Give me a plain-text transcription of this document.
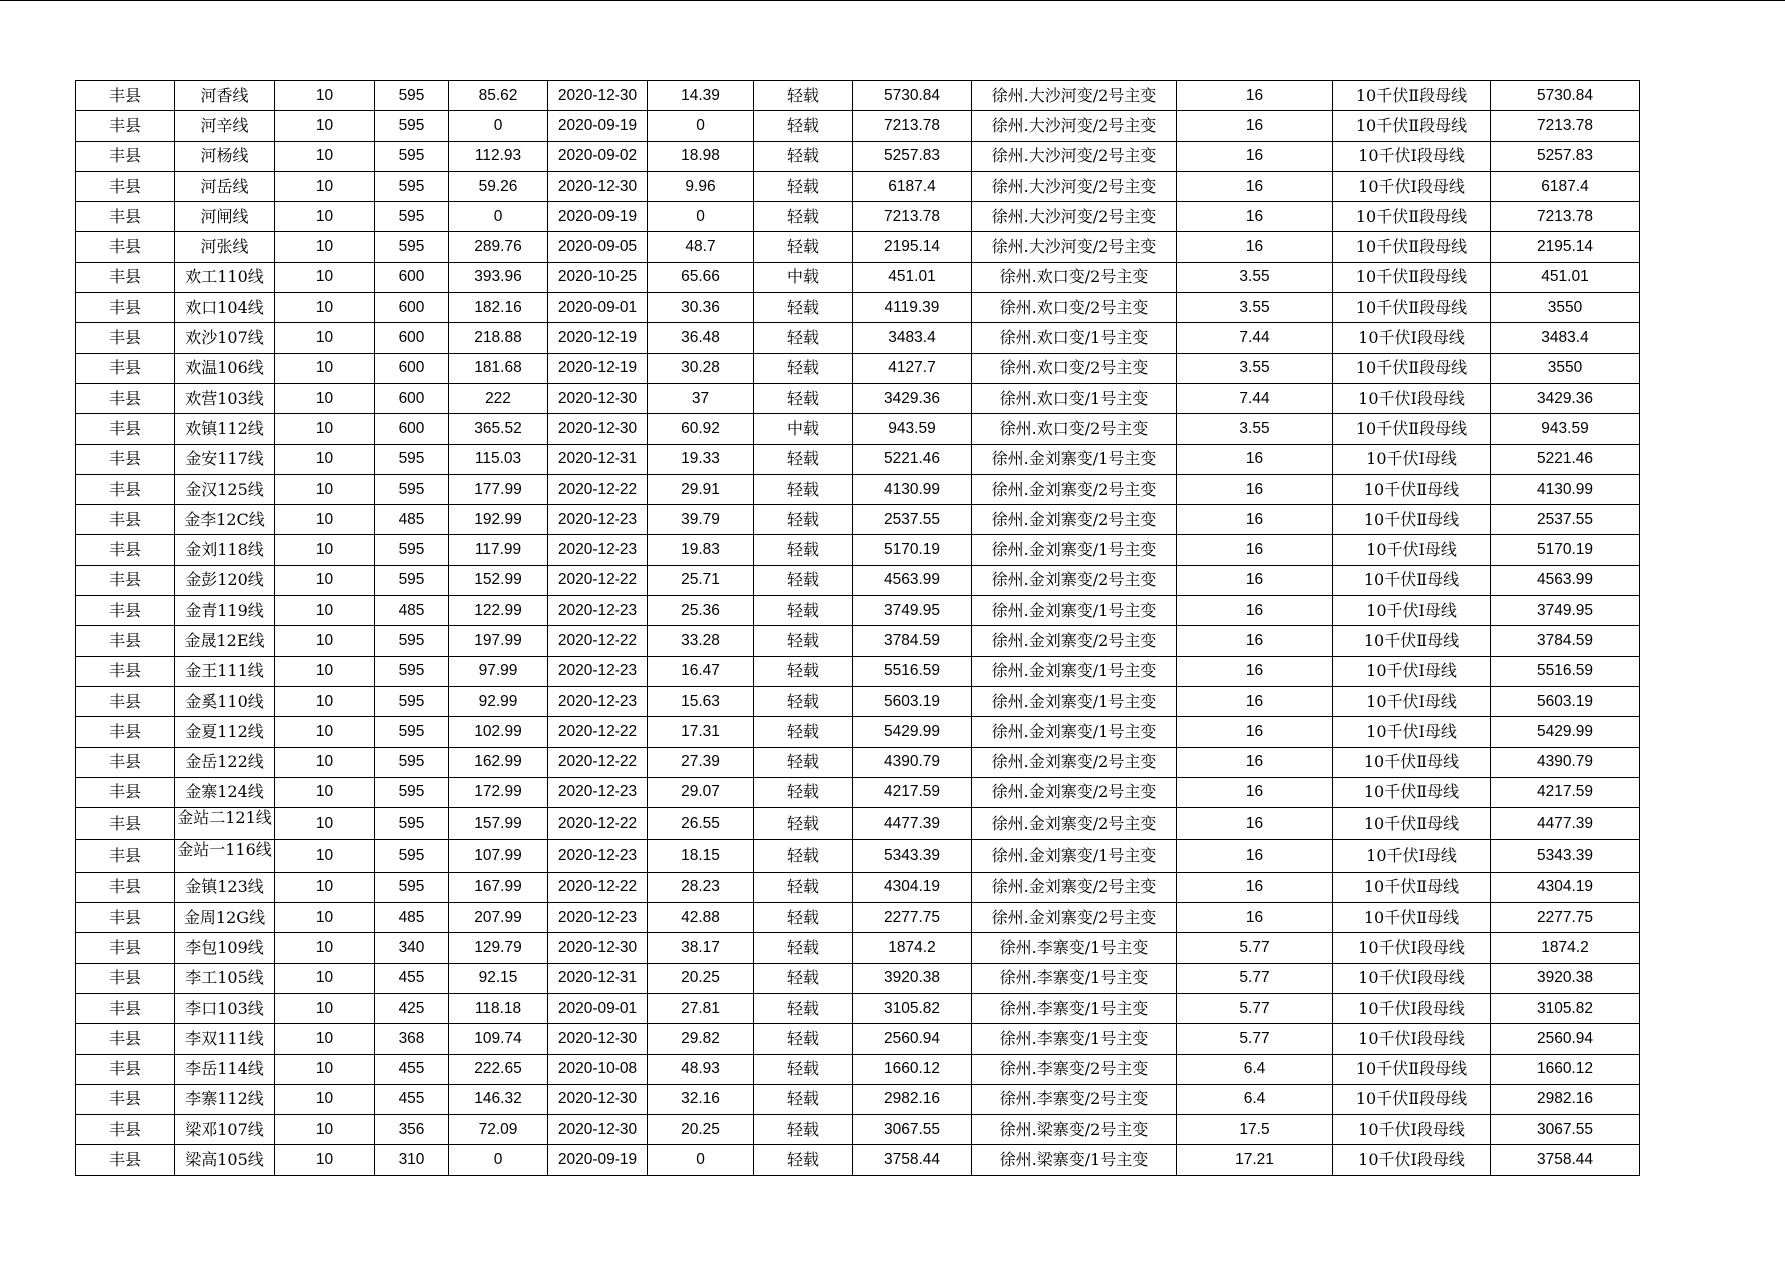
丰县	河香线	10	595	85.62	2020-12-30	14.39	轻载	5730.84	徐州.大沙河变/2号主变	16	10千伏Ⅱ段母线	5730.84
丰县	河辛线	10	595	0	2020-09-19	0	轻载	7213.78	徐州.大沙河变/2号主变	16	10千伏Ⅱ段母线	7213.78
丰县	河杨线	10	595	112.93	2020-09-02	18.98	轻载	5257.83	徐州.大沙河变/2号主变	16	10千伏Ⅰ段母线	5257.83
丰县	河岳线	10	595	59.26	2020-12-30	9.96	轻载	6187.4	徐州.大沙河变/2号主变	16	10千伏Ⅰ段母线	6187.4
丰县	河闸线	10	595	0	2020-09-19	0	轻载	7213.78	徐州.大沙河变/2号主变	16	10千伏Ⅱ段母线	7213.78
丰县	河张线	10	595	289.76	2020-09-05	48.7	轻载	2195.14	徐州.大沙河变/2号主变	16	10千伏Ⅱ段母线	2195.14
丰县	欢工110线	10	600	393.96	2020-10-25	65.66	中载	451.01	徐州.欢口变/2号主变	3.55	10千伏Ⅱ段母线	451.01
丰县	欢口104线	10	600	182.16	2020-09-01	30.36	轻载	4119.39	徐州.欢口变/2号主变	3.55	10千伏Ⅱ段母线	3550
丰县	欢沙107线	10	600	218.88	2020-12-19	36.48	轻载	3483.4	徐州.欢口变/1号主变	7.44	10千伏Ⅰ段母线	3483.4
丰县	欢温106线	10	600	181.68	2020-12-19	30.28	轻载	4127.7	徐州.欢口变/2号主变	3.55	10千伏Ⅱ段母线	3550
丰县	欢营103线	10	600	222	2020-12-30	37	轻载	3429.36	徐州.欢口变/1号主变	7.44	10千伏Ⅰ段母线	3429.36
丰县	欢镇112线	10	600	365.52	2020-12-30	60.92	中载	943.59	徐州.欢口变/2号主变	3.55	10千伏Ⅱ段母线	943.59
丰县	金安117线	10	595	115.03	2020-12-31	19.33	轻载	5221.46	徐州.金刘寨变/1号主变	16	10千伏Ⅰ母线	5221.46
丰县	金汉125线	10	595	177.99	2020-12-22	29.91	轻载	4130.99	徐州.金刘寨变/2号主变	16	10千伏Ⅱ母线	4130.99
丰县	金李12C线	10	485	192.99	2020-12-23	39.79	轻载	2537.55	徐州.金刘寨变/2号主变	16	10千伏Ⅱ母线	2537.55
丰县	金刘118线	10	595	117.99	2020-12-23	19.83	轻载	5170.19	徐州.金刘寨变/1号主变	16	10千伏Ⅰ母线	5170.19
丰县	金彭120线	10	595	152.99	2020-12-22	25.71	轻载	4563.99	徐州.金刘寨变/2号主变	16	10千伏Ⅱ母线	4563.99
丰县	金青119线	10	485	122.99	2020-12-23	25.36	轻载	3749.95	徐州.金刘寨变/1号主变	16	10千伏Ⅰ母线	3749.95
丰县	金晟12E线	10	595	197.99	2020-12-22	33.28	轻载	3784.59	徐州.金刘寨变/2号主变	16	10千伏Ⅱ母线	3784.59
丰县	金王111线	10	595	97.99	2020-12-23	16.47	轻载	5516.59	徐州.金刘寨变/1号主变	16	10千伏Ⅰ母线	5516.59
丰县	金奚110线	10	595	92.99	2020-12-23	15.63	轻载	5603.19	徐州.金刘寨变/1号主变	16	10千伏Ⅰ母线	5603.19
丰县	金夏112线	10	595	102.99	2020-12-22	17.31	轻载	5429.99	徐州.金刘寨变/1号主变	16	10千伏Ⅰ母线	5429.99
丰县	金岳122线	10	595	162.99	2020-12-22	27.39	轻载	4390.79	徐州.金刘寨变/2号主变	16	10千伏Ⅱ母线	4390.79
丰县	金寨124线	10	595	172.99	2020-12-23	29.07	轻载	4217.59	徐州.金刘寨变/2号主变	16	10千伏Ⅱ母线	4217.59
丰县	金站二121线	10	595	157.99	2020-12-22	26.55	轻载	4477.39	徐州.金刘寨变/2号主变	16	10千伏Ⅱ母线	4477.39
丰县	金站一116线	10	595	107.99	2020-12-23	18.15	轻载	5343.39	徐州.金刘寨变/1号主变	16	10千伏Ⅰ母线	5343.39
丰县	金镇123线	10	595	167.99	2020-12-22	28.23	轻载	4304.19	徐州.金刘寨变/2号主变	16	10千伏Ⅱ母线	4304.19
丰县	金周12G线	10	485	207.99	2020-12-23	42.88	轻载	2277.75	徐州.金刘寨变/2号主变	16	10千伏Ⅱ母线	2277.75
丰县	李包109线	10	340	129.79	2020-12-30	38.17	轻载	1874.2	徐州.李寨变/1号主变	5.77	10千伏Ⅰ段母线	1874.2
丰县	李工105线	10	455	92.15	2020-12-31	20.25	轻载	3920.38	徐州.李寨变/1号主变	5.77	10千伏Ⅰ段母线	3920.38
丰县	李口103线	10	425	118.18	2020-09-01	27.81	轻载	3105.82	徐州.李寨变/1号主变	5.77	10千伏Ⅰ段母线	3105.82
丰县	李双111线	10	368	109.74	2020-12-30	29.82	轻载	2560.94	徐州.李寨变/1号主变	5.77	10千伏Ⅰ段母线	2560.94
丰县	李岳114线	10	455	222.65	2020-10-08	48.93	轻载	1660.12	徐州.李寨变/2号主变	6.4	10千伏Ⅱ段母线	1660.12
丰县	李寨112线	10	455	146.32	2020-12-30	32.16	轻载	2982.16	徐州.李寨变/2号主变	6.4	10千伏Ⅱ段母线	2982.16
丰县	梁邓107线	10	356	72.09	2020-12-30	20.25	轻载	3067.55	徐州.梁寨变/2号主变	17.5	10千伏Ⅰ段母线	3067.55
丰县	梁高105线	10	310	0	2020-09-19	0	轻载	3758.44	徐州.梁寨变/1号主变	17.21	10千伏Ⅰ段母线	3758.44
